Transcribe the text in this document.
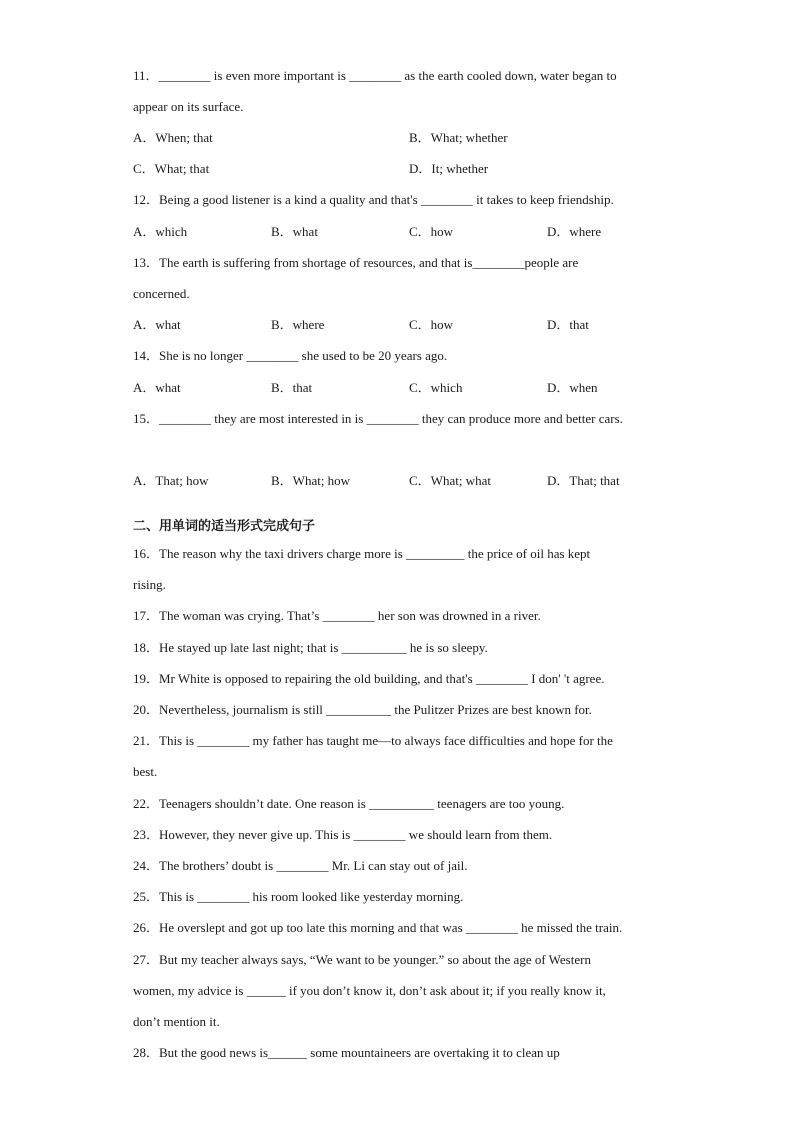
11．________ is even more important is ________ as the earth cooled down, water began to
appear on its surface.
A．When; that	B．What; whether
C．What; that	D．It; whether
12．Being a good listener is a kind a quality and that's ________ it takes to keep friendship.
A．which	B．what	C．how	D．where
13．The earth is suffering from shortage of resources, and that is________people are
concerned.
A．what	B．where	C．how	D．that
14．She is no longer ________ she used to be 20 years ago.
A．what	B．that	C．which	D．when
15．________ they are most interested in is ________ they can produce more and better cars.
A．That; how	B．What; how	C．What; what	D．That; that
二、用单词的适当形式完成句子
16．The reason why the taxi drivers charge more is _________ the price of oil has kept
rising.
17．The woman was crying. That’s ________ her son was drowned in a river.
18．He stayed up late last night; that is __________ he is so sleepy.
19．Mr White is opposed to repairing the old building, and that's ________ I don' 't agree.
20．Nevertheless, journalism is still __________ the Pulitzer Prizes are best known for.
21．This is ________ my father has taught me—to always face difficulties and hope for the
best.
22．Teenagers shouldn’t date. One reason is __________ teenagers are too young.
23．However, they never give up. This is ________ we should learn from them.
24．The brothers’ doubt is ________ Mr. Li can stay out of jail.
25．This is ________ his room looked like yesterday morning.
26．He overslept and got up too late this morning and that was ________ he missed the train.
27．But my teacher always says, “We want to be younger.” so about the age of Western
women, my advice is ______ if you don’t know it, don’t ask about it; if you really know it,
don’t mention it.
28．But the good news is______ some mountaineers are overtaking it to clean up
